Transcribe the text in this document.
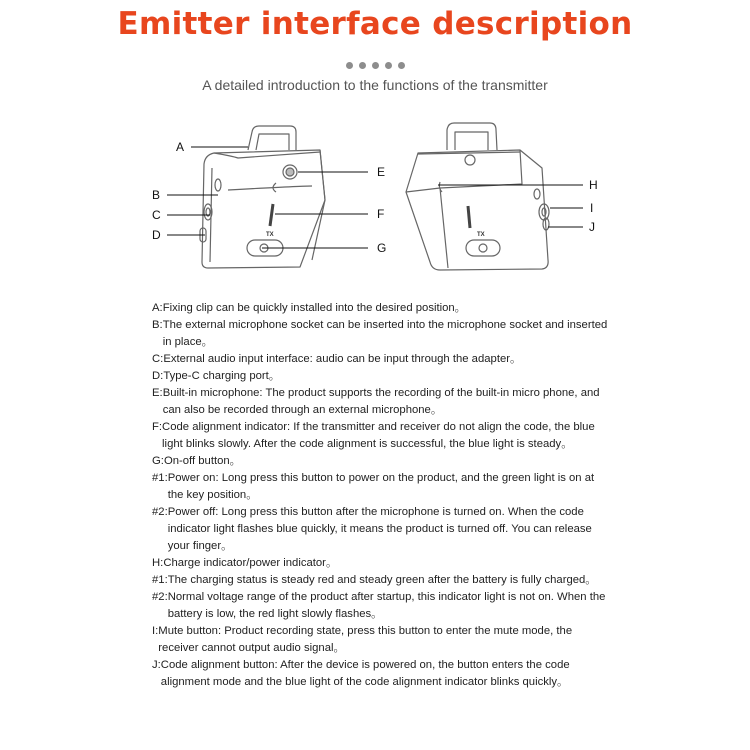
Emitter interface description
A detailed introduction to the functions of the transmitter
TX	TX
A
B
C
D
E
F
G
H
I
J
A: Fixing clip can be quickly installed into the desired position。
B: The external microphone socket can be inserted into the microphone socket and inserted in place。
C: External audio input interface: audio can be input through the adapter。
D: Type-C charging port。
E: Built-in microphone: The product supports the recording of the built-in micro phone, and can also be recorded through an external microphone。
F: Code alignment indicator: If the transmitter and receiver do not align the code, the blue light blinks slowly. After the code alignment is successful, the blue light is steady。
G: On-off button。
#1: Power on: Long press this button to power on the product, and the green light is on at the key position。
#2: Power off: Long press this button after the microphone is turned on. When the code indicator light flashes blue quickly, it means the product is turned off. You can release your finger。
H: Charge indicator/power indicator。
#1: The charging status is steady red and steady green after the battery is fully charged。
#2: Normal voltage range of the product after startup, this indicator light is not on. When the battery is low, the red light slowly flashes。
I: Mute button: Product recording state, press this button to enter the mute mode, the receiver cannot output audio signal。
J: Code alignment button: After the device is powered on, the button enters the code alignment mode and the blue light of the code alignment indicator blinks quickly。
